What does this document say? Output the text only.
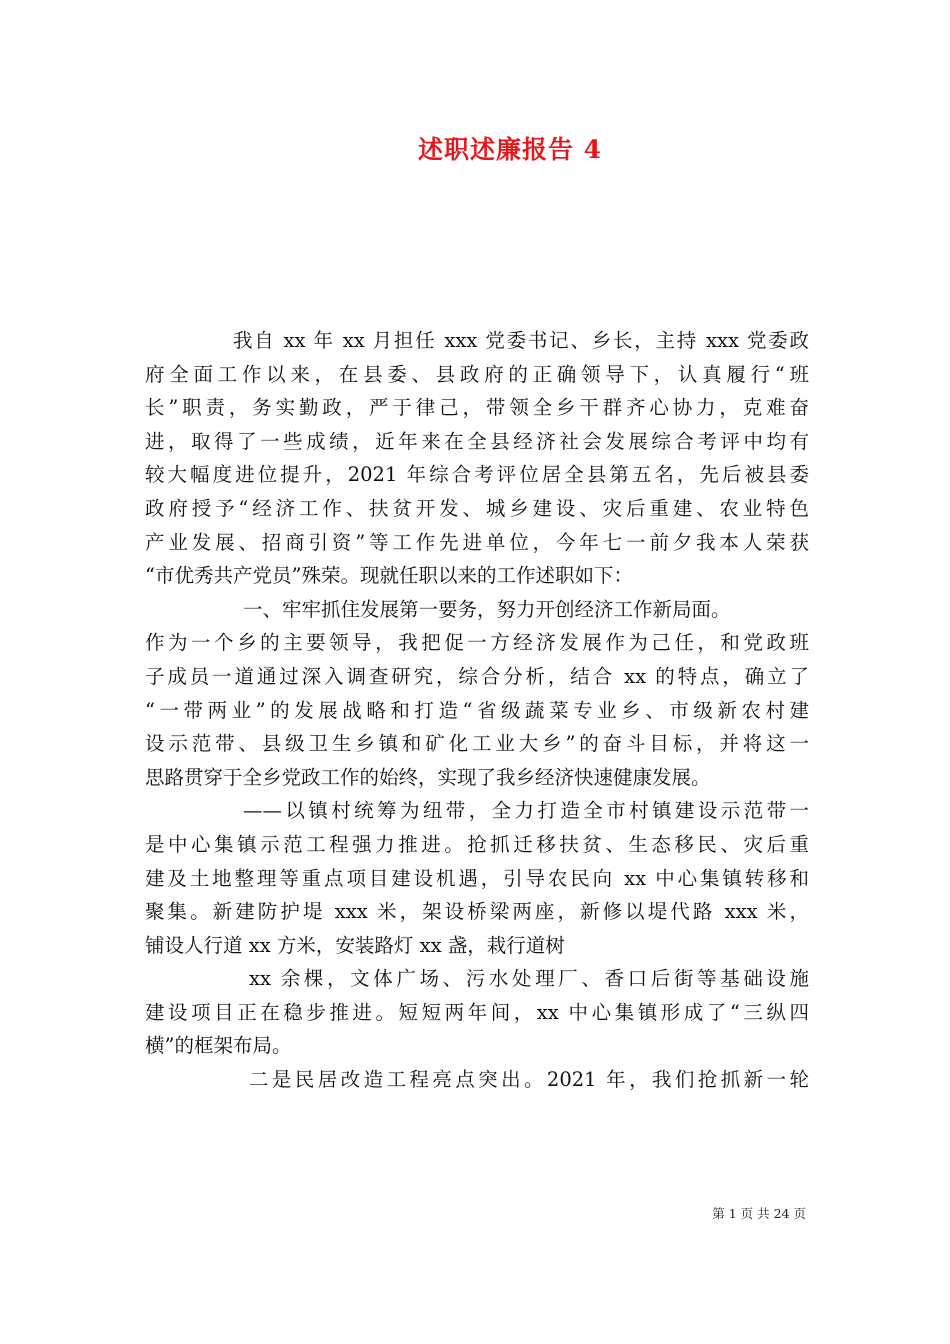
述职述廉报告 4
我自 xx 年 xx 月担任 xxx 党委书记、乡长，主持 xxx 党委政
府全面工作以来，在县委、县政府的正确领导下，认真履行“班
长”职责，务实勤政，严于律己，带领全乡干群齐心协力，克难奋
进，取得了一些成绩，近年来在全县经济社会发展综合考评中均有
较大幅度进位提升，2021 年综合考评位居全县第五名，先后被县委
政府授予“经济工作、扶贫开发、城乡建设、灾后重建、农业特色
产业发展、招商引资”等工作先进单位，今年七一前夕我本人荣获
“市优秀共产党员”殊荣。现就任职以来的工作述职如下：
一、牢牢抓住发展第一要务，努力开创经济工作新局面。
作为一个乡的主要领导，我把促一方经济发展作为己任，和党政班
子成员一道通过深入调查研究，综合分析，结合 xx 的特点，确立了
“一带两业”的发展战略和打造“省级蔬菜专业乡、市级新农村建
设示范带、县级卫生乡镇和矿化工业大乡”的奋斗目标，并将这一
思路贯穿于全乡党政工作的始终，实现了我乡经济快速健康发展。
——以镇村统筹为纽带，全力打造全市村镇建设示范带一
是中心集镇示范工程强力推进。抢抓迁移扶贫、生态移民、灾后重
建及土地整理等重点项目建设机遇，引导农民向 xx 中心集镇转移和
聚集。新建防护堤 xxx 米，架设桥梁两座，新修以堤代路 xxx 米，
铺设人行道 xx 方米，安装路灯 xx 盏，栽行道树
xx 余棵，文体广场、污水处理厂、香口后街等基础设施
建设项目正在稳步推进。短短两年间，xx 中心集镇形成了“三纵四
横”的框架布局。
二是民居改造工程亮点突出。2021 年，我们抢抓新一轮
第 1 页 共 24 页
